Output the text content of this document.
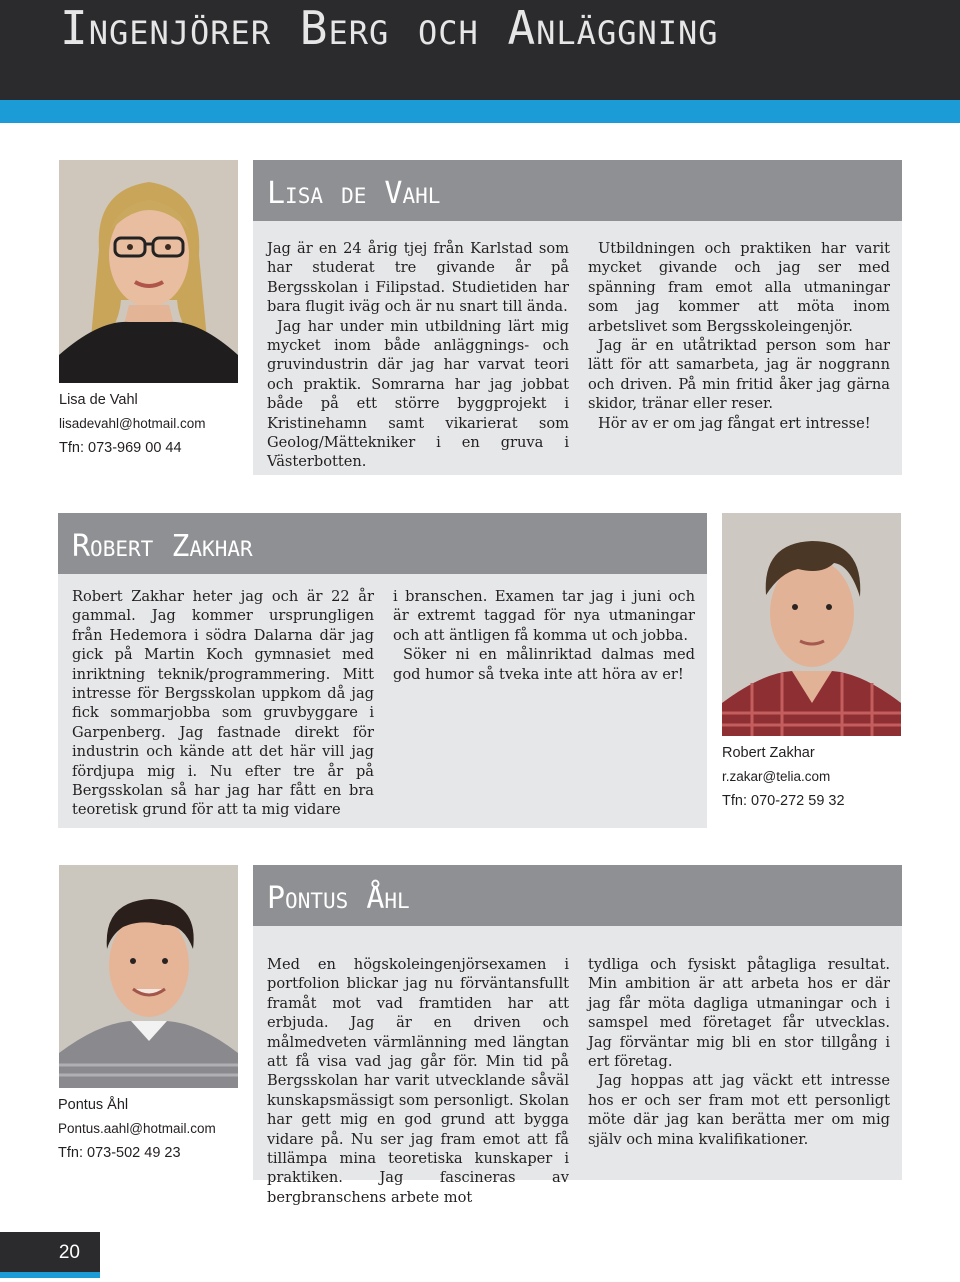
Ingenjörer Berg och Anläggning
Lisa de Vahl
lisadevahl@hotmail.com
Tfn: 073-969 00 44
Lisa de Vahl

Jag är en 24 årig tjej från Karlstad som har studerat tre givande år på Bergsskolan i Filipstad. Studietiden har bara flugit iväg och är nu snart till ända.

Jag har under min utbildning lärt mig mycket inom både anläggnings- och gruvindustrin där jag har varvat teori och praktik. Somrarna har jag jobbat både på ett större byggprojekt i Kristinehamn samt vikarierat som Geolog/Mättekniker i en gruva i Västerbotten.

Utbildningen och praktiken har varit mycket givande och jag ser med spänning fram emot alla utmaningar som jag kommer att möta inom arbetslivet som Bergsskoleingenjör.

Jag är en utåtriktad person som har lätt för att samarbeta, jag är noggrann och driven. På min fritid åker jag gärna skidor, tränar eller reser.

Hör av er om jag fångat ert intresse!

Robert Zakhar

Robert Zakhar heter jag och är 22 år gammal. Jag kommer ursprungligen från Hedemora i södra Dalarna där jag gick på Martin Koch gymnasiet med inriktning teknik/programmering. Mitt intresse för Bergsskolan uppkom då jag fick sommarjobba som gruvbyggare i Garpenberg. Jag fastnade direkt för industrin och kände att det här vill jag fördjupa mig i. Nu efter tre år på Bergsskolan så har jag har fått en bra teoretisk grund för att ta mig vidare

i branschen. Examen tar jag i juni och är extremt taggad för nya utmaningar och att äntligen få komma ut och jobba.

Söker ni en målinriktad dalmas med god humor så tveka inte att höra av er!

Robert Zakhar
r.zakar@telia.com
Tfn: 070-272 59 32
Pontus Åhl
Pontus.aahl@hotmail.com
Tfn: 073-502 49 23
Pontus Åhl

Med en högskoleingenjörsexamen i portfolion blickar jag nu förväntansfullt framåt mot vad framtiden har att erbjuda. Jag är en driven och målmedveten värmlänning med längtan att få visa vad jag går för. Min tid på Bergsskolan har varit utvecklande såväl kunskapsmässigt som personligt. Skolan har gett mig en god grund att bygga vidare på. Nu ser jag fram emot att få tillämpa mina teoretiska kunskaper i praktiken. Jag fascineras av bergbranschens arbete mot

tydliga och fysiskt påtagliga resultat. Min ambition är att arbeta hos er där jag får möta dagliga utmaningar och i samspel med företaget får utvecklas. Jag förväntar mig bli en stor tillgång i ert företag.

Jag hoppas att jag väckt ett intresse hos er och ser fram mot ett personligt möte där jag kan berätta mer om mig själv och mina kvalifikationer.

20
